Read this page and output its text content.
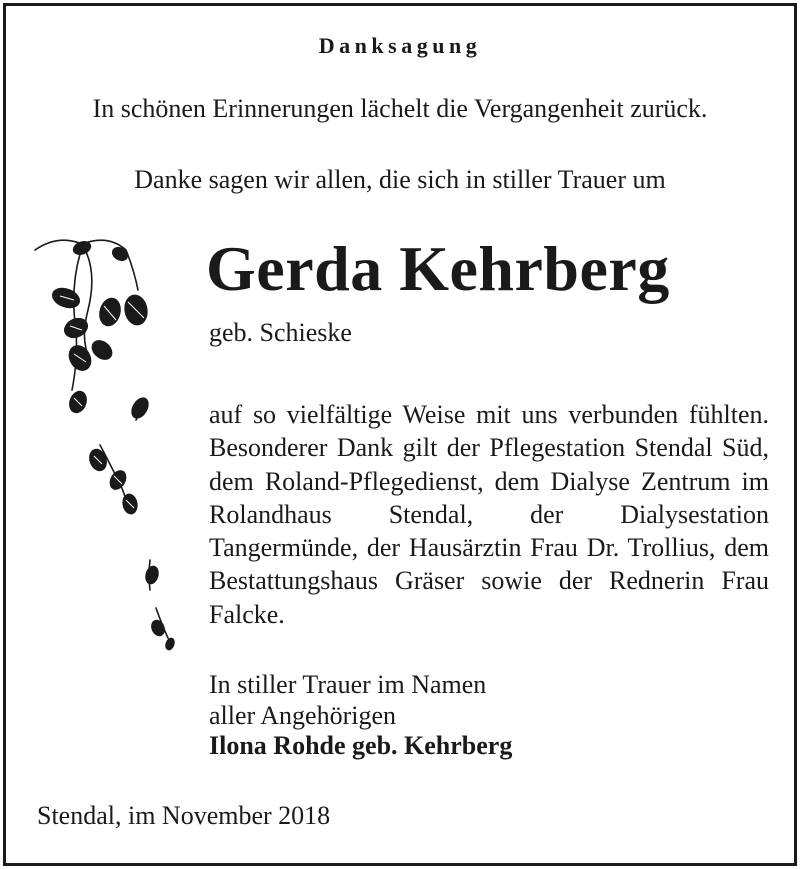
Danksagung
In schönen Erinnerungen lächelt die Vergangenheit zurück.
Danke sagen wir allen, die sich in stiller Trauer um
Gerda Kehrberg
geb. Schieske
auf so vielfältige Weise mit uns verbunden fühlten. Besonderer Dank gilt der Pflegestation Stendal Süd, dem Roland-Pflegedienst, dem Dialyse Zentrum im Rolandhaus Stendal, der Dialysestation Tangermünde, der Hausärztin Frau Dr. Trollius, dem Bestattungshaus Gräser sowie der Rednerin Frau Falcke.
In stiller Trauer im Namen
aller Angehörigen
Ilona Rohde geb. Kehrberg
Stendal, im November 2018
